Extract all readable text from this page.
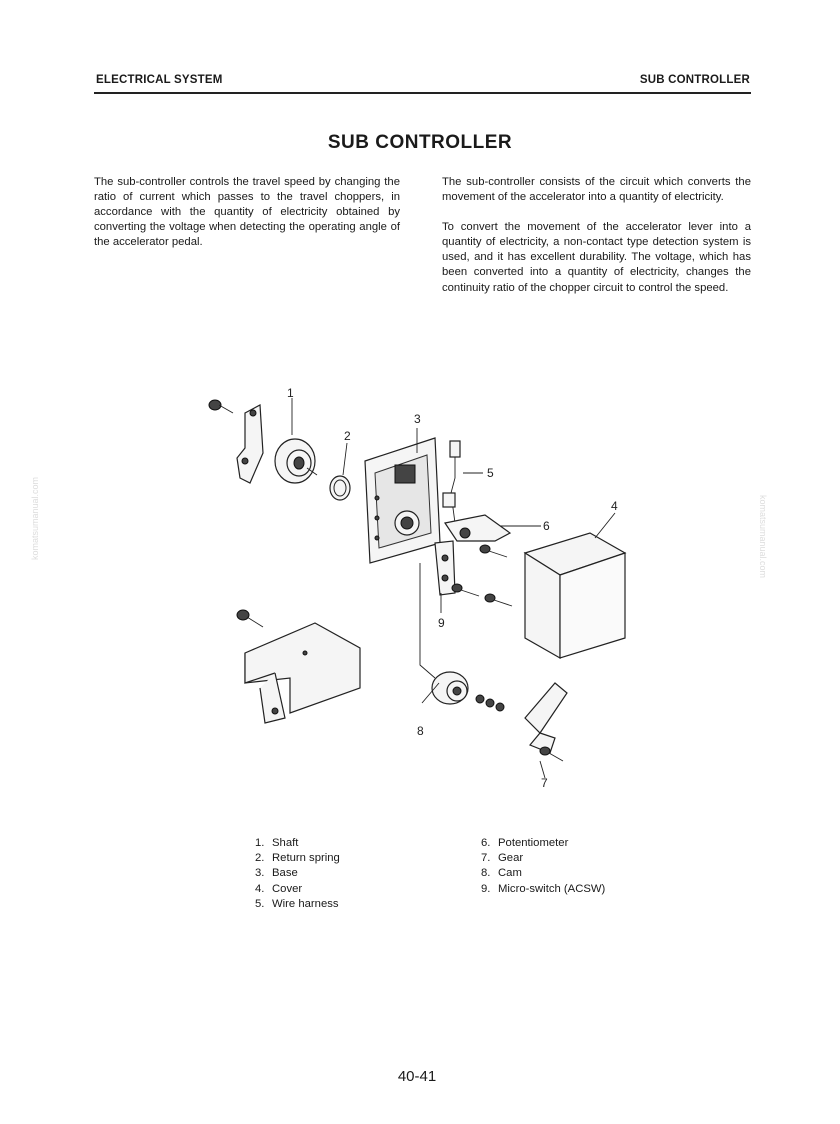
ELECTRICAL SYSTEM	SUB CONTROLLER
SUB CONTROLLER

The sub-controller controls the travel speed by changing the ratio of current which passes to the travel choppers, in accordance with the quantity of electricity obtained by converting the voltage when detecting the operating angle of the accelerator pedal.

The sub-controller consists of the circuit which converts the movement of the accelerator into a quantity of electricity.

To convert the movement of the accelerator lever into a quantity of electricity, a non-contact type detection system is used, and it has excellent durability. The voltage, which has been converted into a quantity of electricity, changes the continuity ratio of the chopper circuit to control the speed.

komatsumanual.com	komatsumanual.com
1
2
3
4
5
6
7
8
9
1. Shaft
2. Return spring
3. Base
4. Cover
5. Wire harness
6. Potentiometer
7. Gear
8. Cam
9. Micro-switch (ACSW)
40-41
